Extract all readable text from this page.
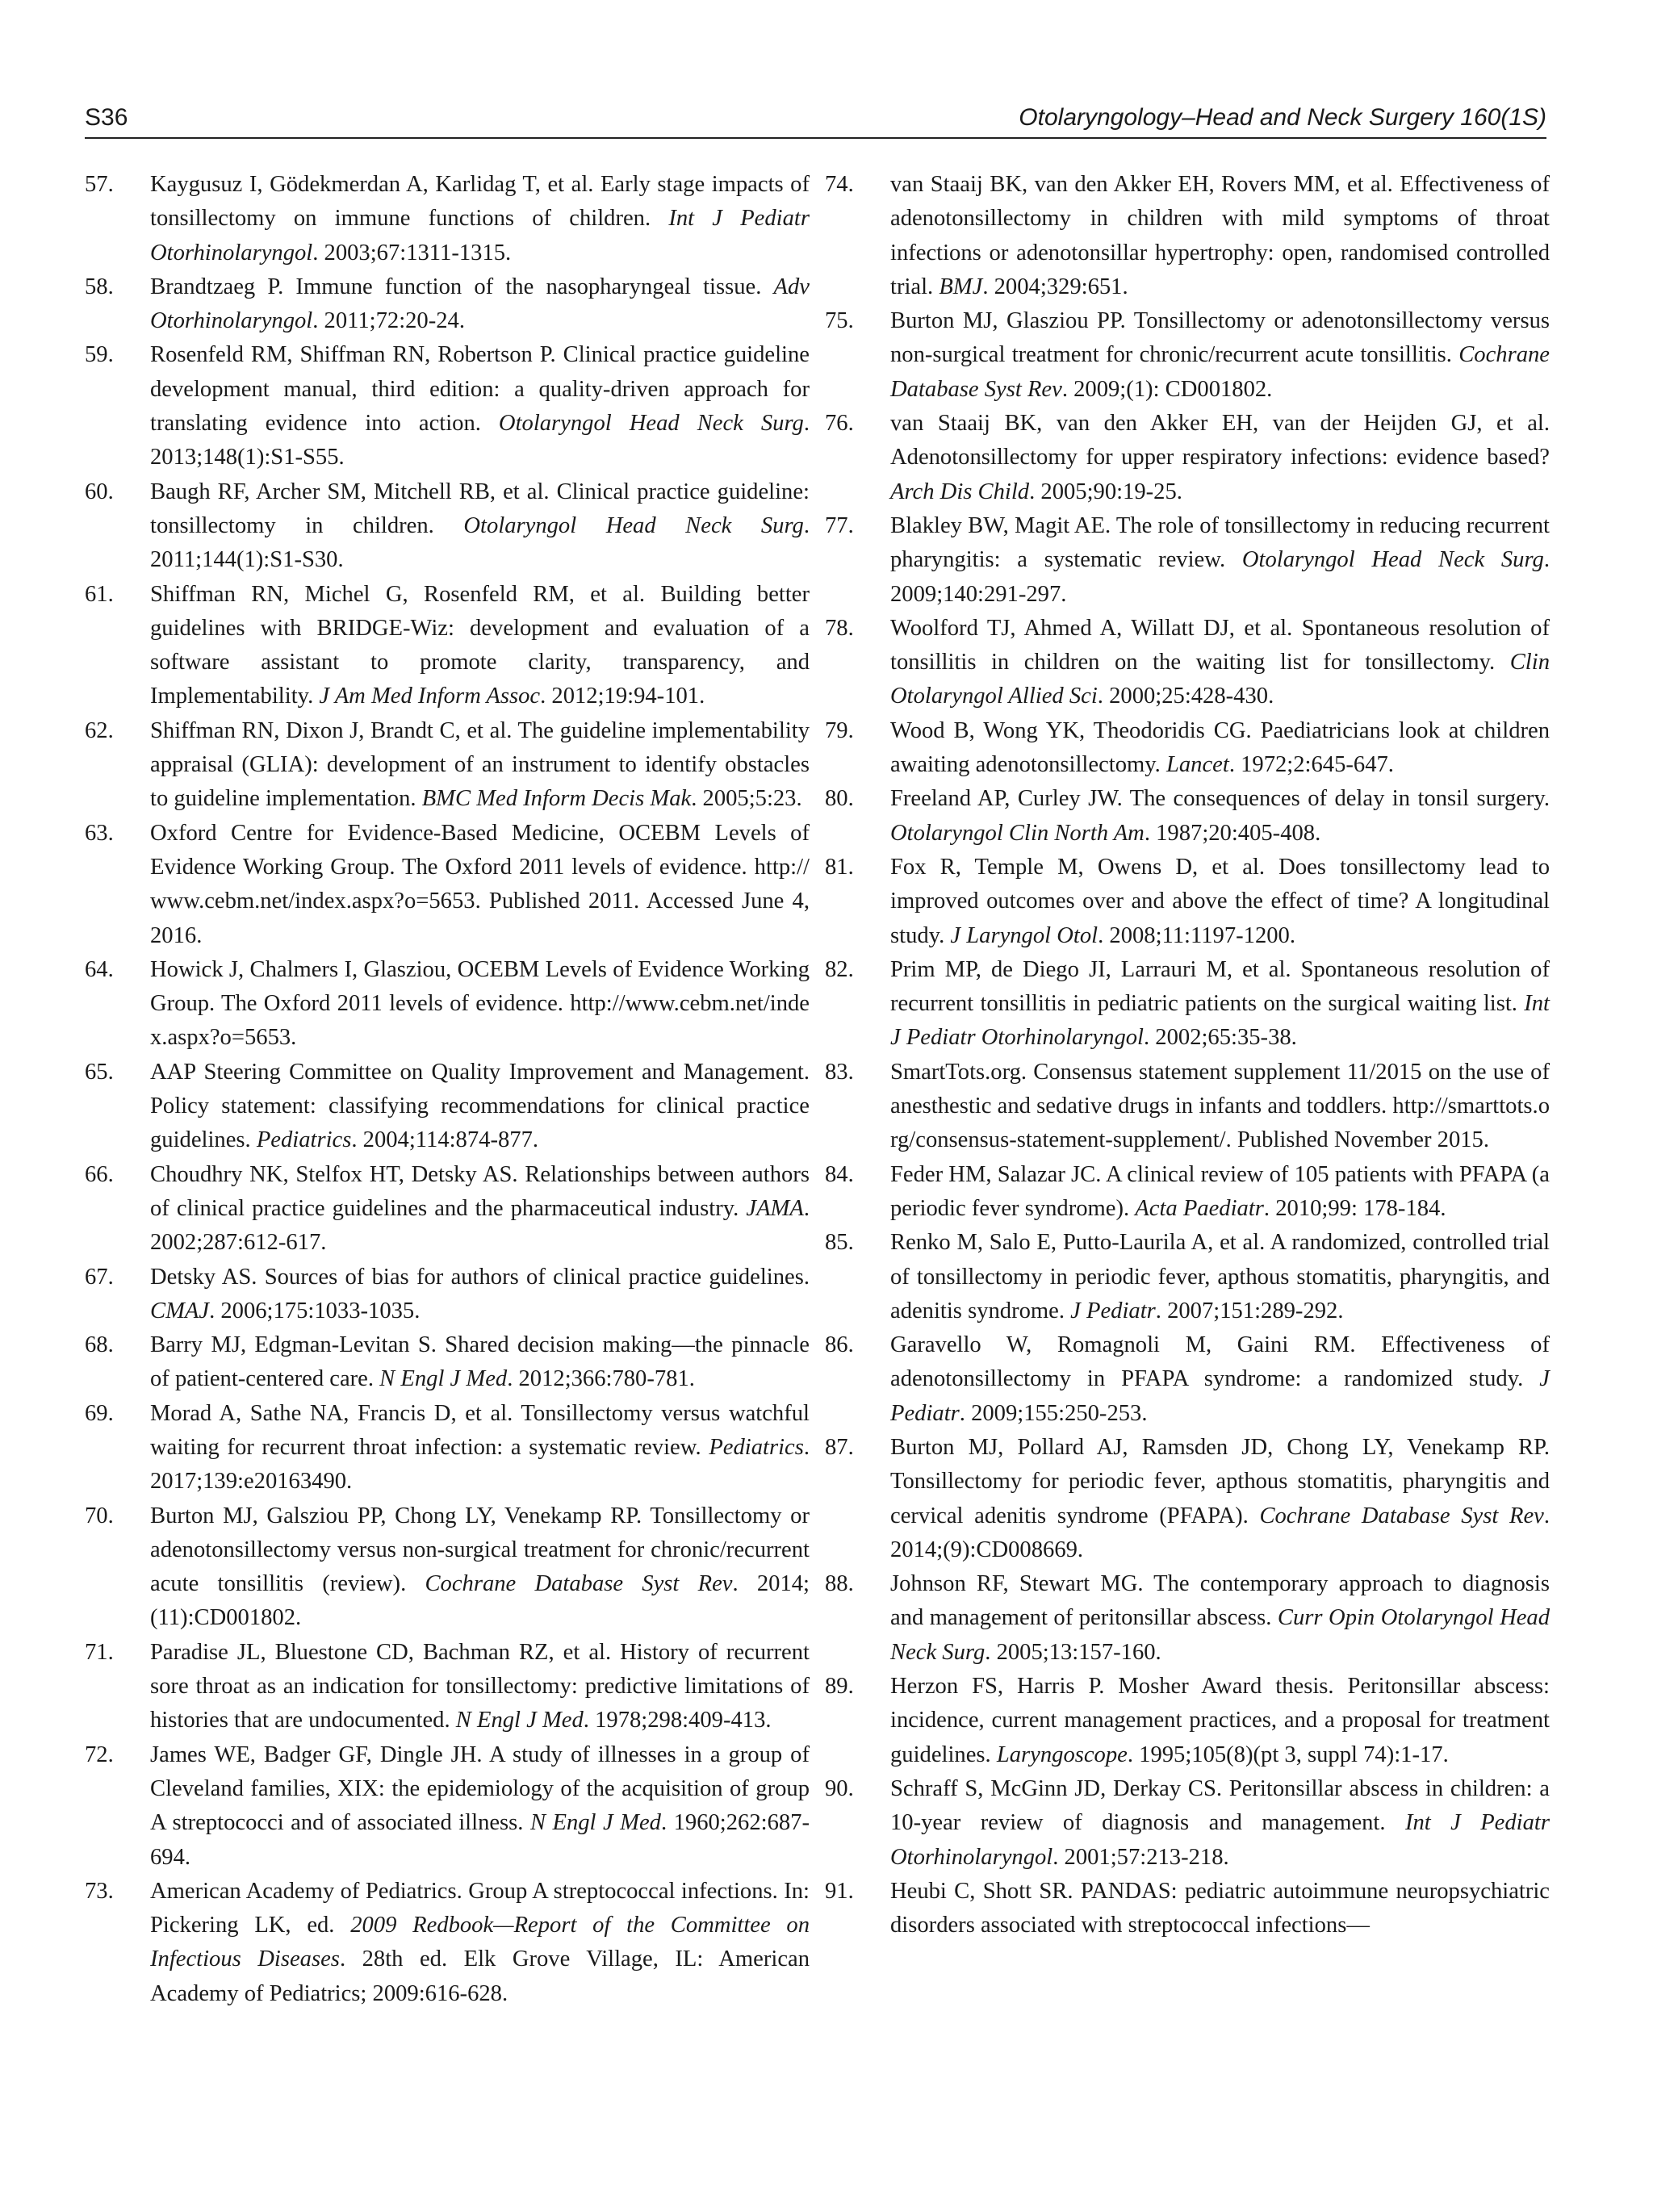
S36	Otolaryngology–Head and Neck Surgery 160(1S)

57.	Kaygusuz I, Gödekmerdan A, Karlidag T, et al. Early stage impacts of tonsillectomy on immune functions of children. Int J Pediatr Otorhinolaryngol. 2003;67:1311-1315.

58.	Brandtzaeg P. Immune function of the nasopharyngeal tissue. Adv Otorhinolaryngol. 2011;72:20-24.

59.	Rosenfeld RM, Shiffman RN, Robertson P. Clinical practice guideline development manual, third edition: a quality-driven approach for translating evidence into action. Otolaryngol Head Neck Surg. 2013;148(1):S1-S55.

60.	Baugh RF, Archer SM, Mitchell RB, et al. Clinical practice guideline: tonsillectomy in children. Otolaryngol Head Neck Surg. 2011;144(1):S1-S30.

61.	Shiffman RN, Michel G, Rosenfeld RM, et al. Building better guidelines with BRIDGE-Wiz: development and evaluation of a software assistant to promote clarity, transparency, and Implementability. J Am Med Inform Assoc. 2012;19:94-101.

62.	Shiffman RN, Dixon J, Brandt C, et al. The guideline implementability appraisal (GLIA): development of an instrument to identify obstacles to guideline implementation. BMC Med Inform Decis Mak. 2005;5:23.

63.	Oxford Centre for Evidence-Based Medicine, OCEBM Levels of Evidence Working Group. The Oxford 2011 levels of evidence. http://www.cebm.net/index.aspx?o=5653. Published 2011. Accessed June 4, 2016.

64.	Howick J, Chalmers I, Glasziou, OCEBM Levels of Evidence Working Group. The Oxford 2011 levels of evidence. http://www.cebm.net/index.aspx?o=5653.

65.	AAP Steering Committee on Quality Improvement and Management. Policy statement: classifying recommendations for clinical practice guidelines. Pediatrics. 2004;114:874-877.

66.	Choudhry NK, Stelfox HT, Detsky AS. Relationships between authors of clinical practice guidelines and the pharmaceutical industry. JAMA. 2002;287:612-617.

67.	Detsky AS. Sources of bias for authors of clinical practice guidelines. CMAJ. 2006;175:1033-1035.

68.	Barry MJ, Edgman-Levitan S. Shared decision making—the pinnacle of patient-centered care. N Engl J Med. 2012;366:780-781.

69.	Morad A, Sathe NA, Francis D, et al. Tonsillectomy versus watchful waiting for recurrent throat infection: a systematic review. Pediatrics. 2017;139:e20163490.

70.	Burton MJ, Galsziou PP, Chong LY, Venekamp RP. Tonsillectomy or adenotonsillectomy versus non-surgical treatment for chronic/recurrent acute tonsillitis (review). Cochrane Database Syst Rev. 2014;(11):CD001802.

71.	Paradise JL, Bluestone CD, Bachman RZ, et al. History of recurrent sore throat as an indication for tonsillectomy: predictive limitations of histories that are undocumented. N Engl J Med. 1978;298:409-413.

72.	James WE, Badger GF, Dingle JH. A study of illnesses in a group of Cleveland families, XIX: the epidemiology of the acquisition of group A streptococci and of associated illness. N Engl J Med. 1960;262:687-694.

73.	American Academy of Pediatrics. Group A streptococcal infections. In: Pickering LK, ed. 2009 Redbook—Report of the Committee on Infectious Diseases. 28th ed. Elk Grove Village, IL: American Academy of Pediatrics; 2009:616-628.

74.	van Staaij BK, van den Akker EH, Rovers MM, et al. Effectiveness of adenotonsillectomy in children with mild symptoms of throat infections or adenotonsillar hypertrophy: open, randomised controlled trial. BMJ. 2004;329:651.

75.	Burton MJ, Glasziou PP. Tonsillectomy or adenotonsillectomy versus non-surgical treatment for chronic/recurrent acute tonsillitis. Cochrane Database Syst Rev. 2009;(1): CD001802.

76.	van Staaij BK, van den Akker EH, van der Heijden GJ, et al. Adenotonsillectomy for upper respiratory infections: evidence based? Arch Dis Child. 2005;90:19-25.

77.	Blakley BW, Magit AE. The role of tonsillectomy in reducing recurrent pharyngitis: a systematic review. Otolaryngol Head Neck Surg. 2009;140:291-297.

78.	Woolford TJ, Ahmed A, Willatt DJ, et al. Spontaneous resolution of tonsillitis in children on the waiting list for tonsillectomy. Clin Otolaryngol Allied Sci. 2000;25:428-430.

79.	Wood B, Wong YK, Theodoridis CG. Paediatricians look at children awaiting adenotonsillectomy. Lancet. 1972;2:645-647.

80.	Freeland AP, Curley JW. The consequences of delay in tonsil surgery. Otolaryngol Clin North Am. 1987;20:405-408.

81.	Fox R, Temple M, Owens D, et al. Does tonsillectomy lead to improved outcomes over and above the effect of time? A longitudinal study. J Laryngol Otol. 2008;11:1197-1200.

82.	Prim MP, de Diego JI, Larrauri M, et al. Spontaneous resolution of recurrent tonsillitis in pediatric patients on the surgical waiting list. Int J Pediatr Otorhinolaryngol. 2002;65:35-38.

83.	SmartTots.org. Consensus statement supplement 11/2015 on the use of anesthestic and sedative drugs in infants and toddlers. http://smarttots.org/consensus-statement-supplement/. Published November 2015.

84.	Feder HM, Salazar JC. A clinical review of 105 patients with PFAPA (a periodic fever syndrome). Acta Paediatr. 2010;99: 178-184.

85.	Renko M, Salo E, Putto-Laurila A, et al. A randomized, controlled trial of tonsillectomy in periodic fever, apthous stomatitis, pharyngitis, and adenitis syndrome. J Pediatr. 2007;151:289-292.

86.	Garavello W, Romagnoli M, Gaini RM. Effectiveness of adenotonsillectomy in PFAPA syndrome: a randomized study. J Pediatr. 2009;155:250-253.

87.	Burton MJ, Pollard AJ, Ramsden JD, Chong LY, Venekamp RP. Tonsillectomy for periodic fever, apthous stomatitis, pharyngitis and cervical adenitis syndrome (PFAPA). Cochrane Database Syst Rev. 2014;(9):CD008669.

88.	Johnson RF, Stewart MG. The contemporary approach to diagnosis and management of peritonsillar abscess. Curr Opin Otolaryngol Head Neck Surg. 2005;13:157-160.

89.	Herzon FS, Harris P. Mosher Award thesis. Peritonsillar abscess: incidence, current management practices, and a proposal for treatment guidelines. Laryngoscope. 1995;105(8)(pt 3, suppl 74):1-17.

90.	Schraff S, McGinn JD, Derkay CS. Peritonsillar abscess in children: a 10-year review of diagnosis and management. Int J Pediatr Otorhinolaryngol. 2001;57:213-218.

91.	Heubi C, Shott SR. PANDAS: pediatric autoimmune neuropsychiatric disorders associated with streptococcal infections—
